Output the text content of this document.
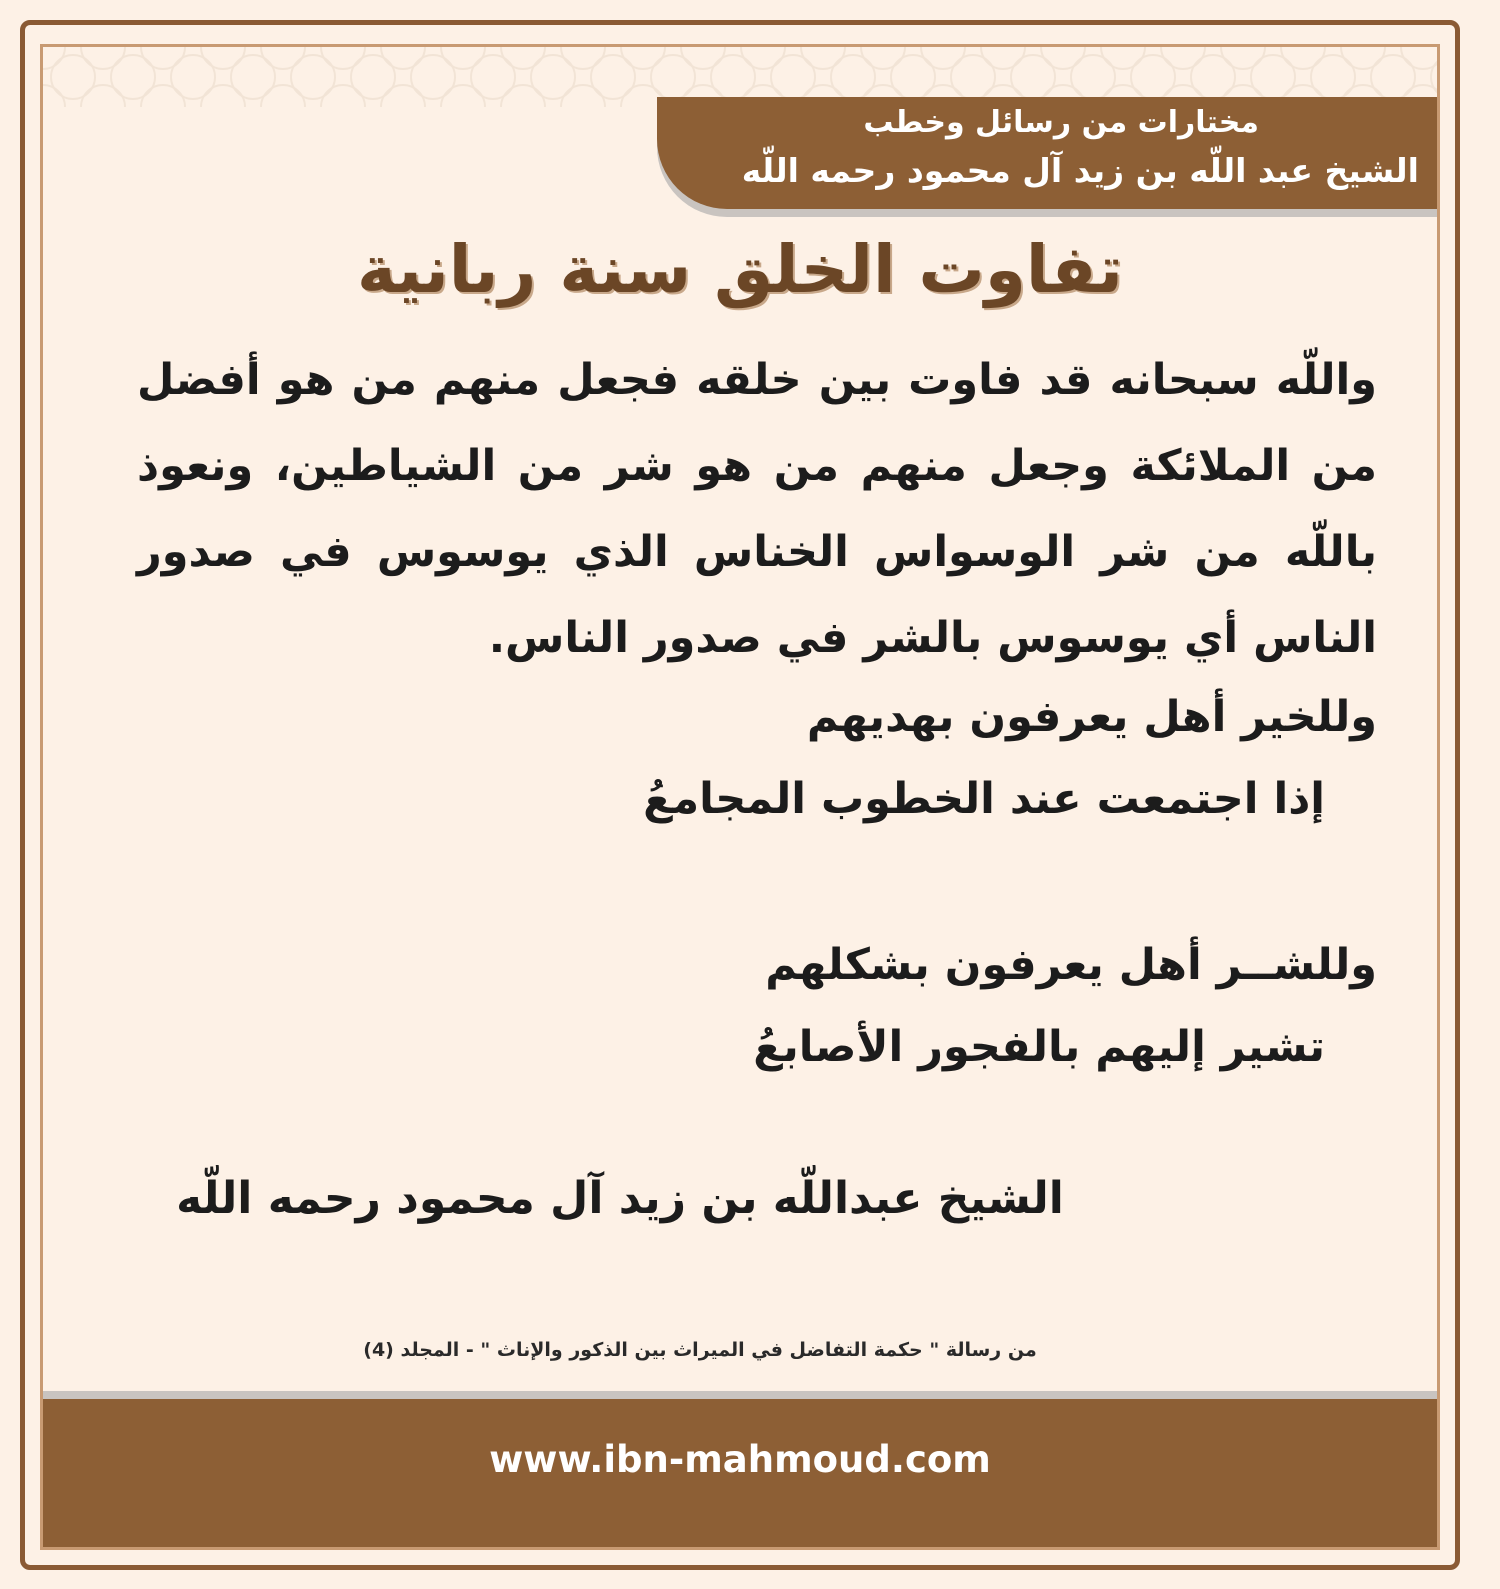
مختارات من رسائل وخطب
الشيخ عبد اللّه بن زيد آل محمود رحمه اللّه
تفاوت الخلق سنة ربانية
واللّه سبحانه قد فاوت بين خلقه فجعل منهم من هو أفضل من الملائكة وجعل منهم من هو شر من الشياطين، ونعوذ باللّه من شر الوسواس الخناس الذي يوسوس في صدور الناس أي يوسوس بالشر في صدور الناس.
وللخير أهل يعرفون بهديهم
إذا اجتمعت عند الخطوب المجامعُ
وللشــر أهل يعرفون بشكلهم
تشير إليهم بالفجور الأصابعُ
الشيخ عبداللّه بن زيد آل محمود رحمه اللّه
من رسالة " حكمة التفاضل في الميراث بين الذكور والإناث " - المجلد (4)
www.ibn-mahmoud.com
